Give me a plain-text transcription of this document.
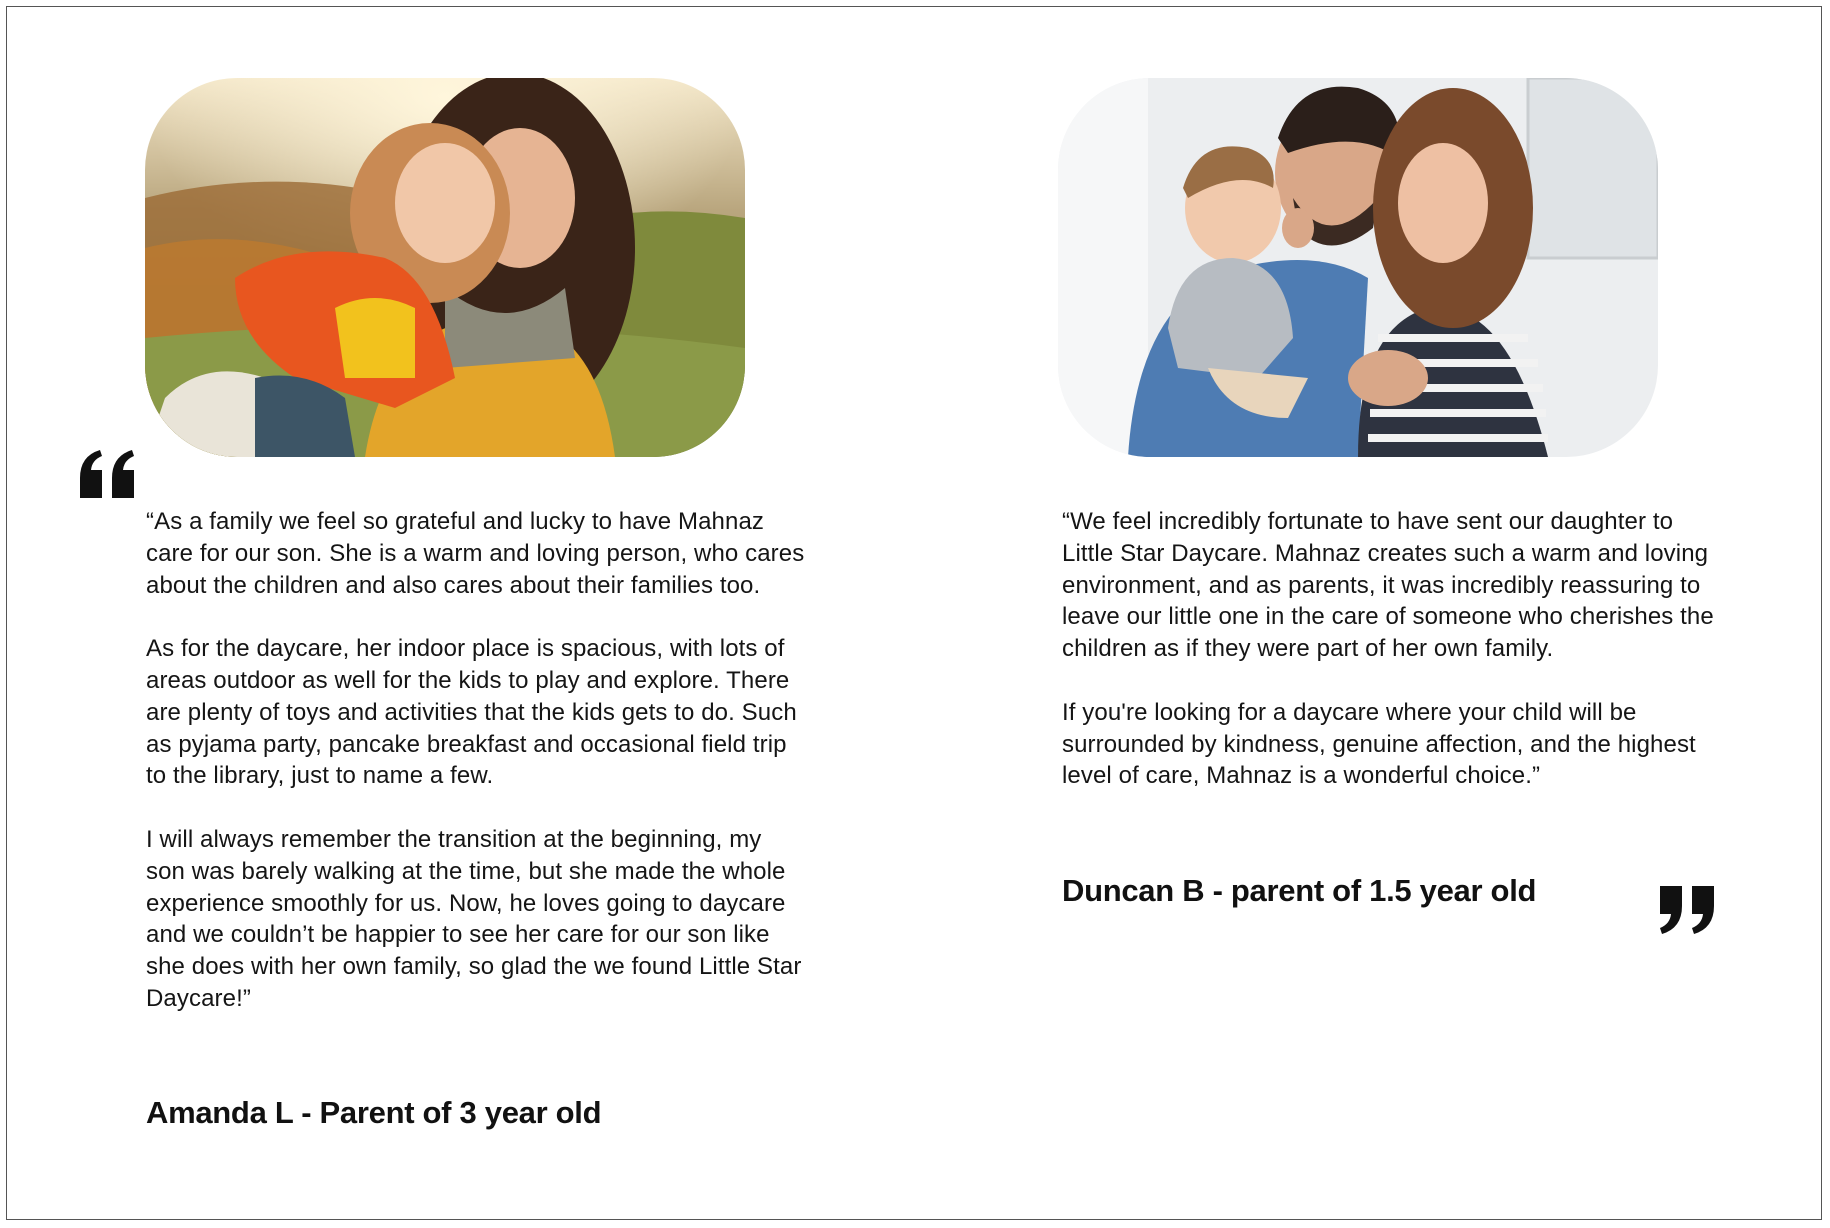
“As a family we feel so grateful and lucky to have Mahnaz care for our son. She is a warm and loving person, who cares about the children and also cares about their families too.

As for the daycare, her indoor place is spacious, with lots of areas outdoor as well for the kids to play and explore. There are plenty of toys and activities that the kids gets to do. Such as pyjama party, pancake breakfast and occasional field trip to the library, just to name a few.

I will always remember the transition at the beginning, my son was barely walking at the time, but she made the whole experience smoothly for us. Now, he loves going to daycare and we couldn’t be happier to see her care for our son like she does with her own family, so glad the we found Little Star Daycare!”
Amanda L - Parent of 3 year old
“We feel incredibly fortunate to have sent our daughter to Little Star Daycare. Mahnaz creates such a warm and loving environment, and as parents, it was incredibly reassuring to leave our little one in the care of someone who cherishes the children as if they were part of her own family.

If you're looking for a daycare where your child will be surrounded by kindness, genuine affection, and the highest level of care, Mahnaz is a wonderful choice.”
Duncan B - parent of 1.5 year old
